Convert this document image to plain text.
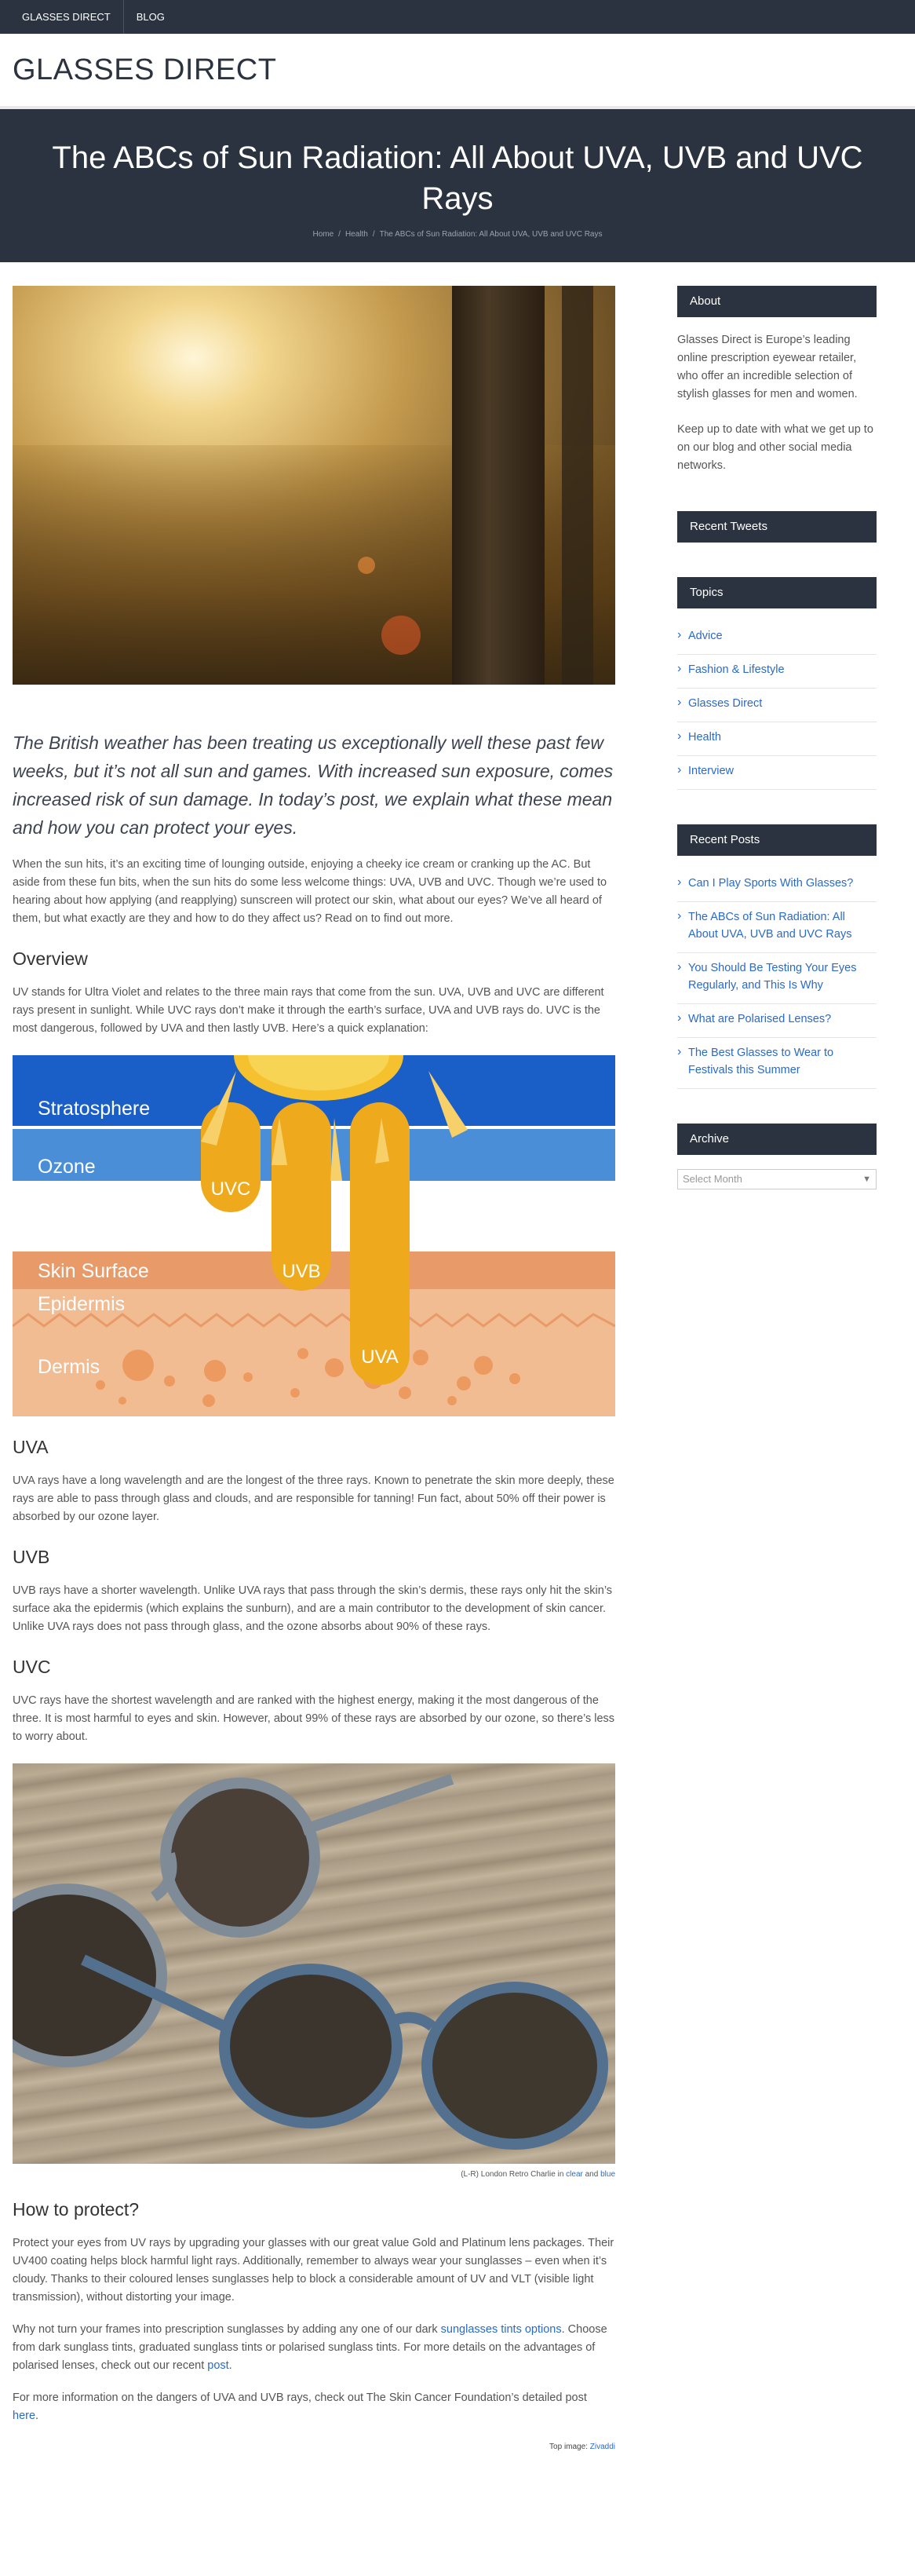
GLASSES DIRECT	BLOG
GLASSES DIRECT
The ABCs of Sun Radiation: All About UVA, UVB and UVC Rays
Home / Health / The ABCs of Sun Radiation: All About UVA, UVB and UVC Rays

The British weather has been treating us exceptionally well these past few weeks, but it’s not all sun and games. With increased sun exposure, comes increased risk of sun damage. In today’s post, we explain what these mean and how you can protect your eyes.

When the sun hits, it’s an exciting time of lounging outside, enjoying a cheeky ice cream or cranking up the AC. But aside from these fun bits, when the sun hits do some less welcome things: UVA, UVB and UVC. Though we’re used to hearing about how applying (and reapplying) sunscreen will protect our skin, what about our eyes? We’ve all heard of them, but what exactly are they and how to do they affect us? Read on to find out more.

Overview

UV stands for Ultra Violet and relates to the three main rays that come from the sun. UVA, UVB and UVC are different rays present in sunlight. While UVC rays don’t make it through the earth’s surface, UVA and UVB rays do. UVC is the most dangerous, followed by UVA and then lastly UVB. Here’s a quick explanation:

Stratosphere
Ozone
Skin Surface
Epidermis
Dermis
UVC
UVB
UVA
UVA

UVA rays have a long wavelength and are the longest of the three rays. Known to penetrate the skin more deeply, these rays are able to pass through glass and clouds, and are responsible for tanning! Fun fact, about 50% off their power is absorbed by our ozone layer.

UVB

UVB rays have a shorter wavelength. Unlike UVA rays that pass through the skin’s dermis, these rays only hit the skin’s surface aka the epidermis (which explains the sunburn), and are a main contributor to the development of skin cancer. Unlike UVA rays does not pass through glass, and the ozone absorbs about 90% of these rays.

UVC

UVC rays have the shortest wavelength and are ranked with the highest energy, making it the most dangerous of the three. It is most harmful to eyes and skin. However, about 99% of these rays are absorbed by our ozone, so there’s less to worry about.

(L-R) London Retro Charlie in clear and blue
How to protect?

Protect your eyes from UV rays by upgrading your glasses with our great value Gold and Platinum lens packages. Their UV400 coating helps block harmful light rays. Additionally, remember to always wear your sunglasses – even when it’s cloudy. Thanks to their coloured lenses sunglasses help to block a considerable amount of UV and VLT (visible light transmission), without distorting your image.

Why not turn your frames into prescription sunglasses by adding any one of our dark sunglasses tints options. Choose from dark sunglass tints, graduated sunglass tints or polarised sunglass tints. For more details on the advantages of polarised lenses, check out our recent post.

For more information on the dangers of UVA and UVB rays, check out The Skin Cancer Foundation’s detailed post here.

Top image: Zivaddi
About

Glasses Direct is Europe’s leading online prescription eyewear retailer, who offer an incredible selection of stylish glasses for men and women.

Keep up to date with what we get up to on our blog and other social media networks.

Recent Tweets
Topics
› Advice
› Fashion & Lifestyle
› Glasses Direct
› Health
› Interview
Recent Posts
› Can I Play Sports With Glasses?
› The ABCs of Sun Radiation: All About UVA, UVB and UVC Rays
› You Should Be Testing Your Eyes Regularly, and This Is Why
› What are Polarised Lenses?
› The Best Glasses to Wear to Festivals this Summer
Archive
Select Month	▼
